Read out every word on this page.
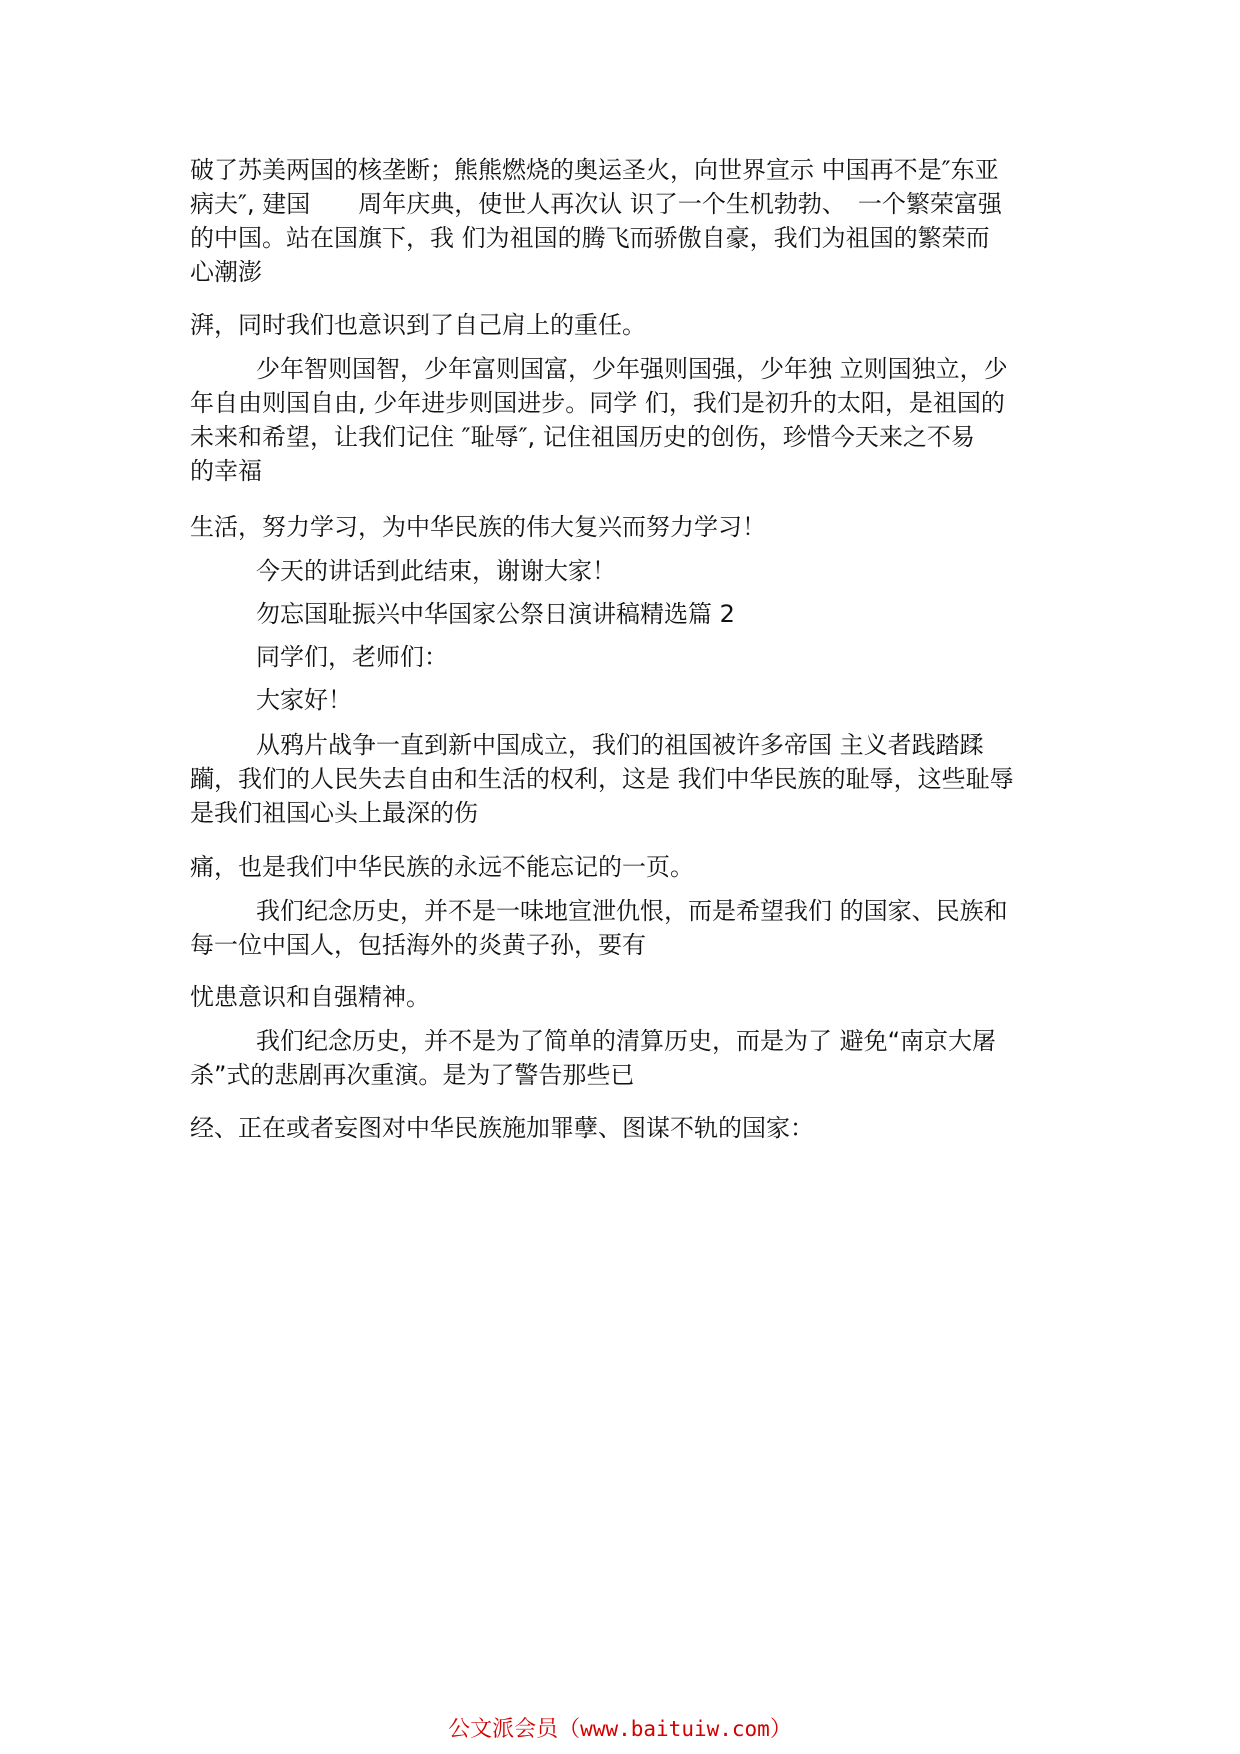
破了苏美两国的核垄断；熊熊燃烧的奥运圣火，向世界宣示 中国再不是″东亚
病夫″, 建国　　周年庆典，使世人再次认 识了一个生机勃勃、　一个繁荣富强
的中国。站在国旗下，我 们为祖国的腾飞而骄傲自豪，我们为祖国的繁荣而
心潮澎

湃，同时我们也意识到了自己肩上的重任。

少年智则国智，少年富则国富，少年强则国强，少年独 立则国独立，少
年自由则国自由, 少年进步则国进步。同学 们，我们是初升的太阳，是祖国的
未来和希望，让我们记住 ″耻辱″, 记住祖国历史的创伤，珍惜今天来之不易
的幸福

生活，努力学习，为中华民族的伟大复兴而努力学习！

今天的讲话到此结束，谢谢大家！

勿忘国耻振兴中华国家公祭日演讲稿精选篇 2

同学们，老师们：

大家好！

从鸦片战争一直到新中国成立，我们的祖国被许多帝国 主义者践踏蹂
躏，我们的人民失去自由和生活的权利，这是 我们中华民族的耻辱，这些耻辱
是我们祖国心头上最深的伤

痛，也是我们中华民族的永远不能忘记的一页。

我们纪念历史，并不是一味地宣泄仇恨，而是希望我们 的国家、民族和
每一位中国人，包括海外的炎黄子孙，要有

忧患意识和自强精神。

我们纪念历史，并不是为了简单的清算历史，而是为了 避免“南京大屠
杀”式的悲剧再次重演。是为了警告那些已

经、正在或者妄图对中华民族施加罪孽、图谋不轨的国家：

公文派会员（www.baituiw.com）
